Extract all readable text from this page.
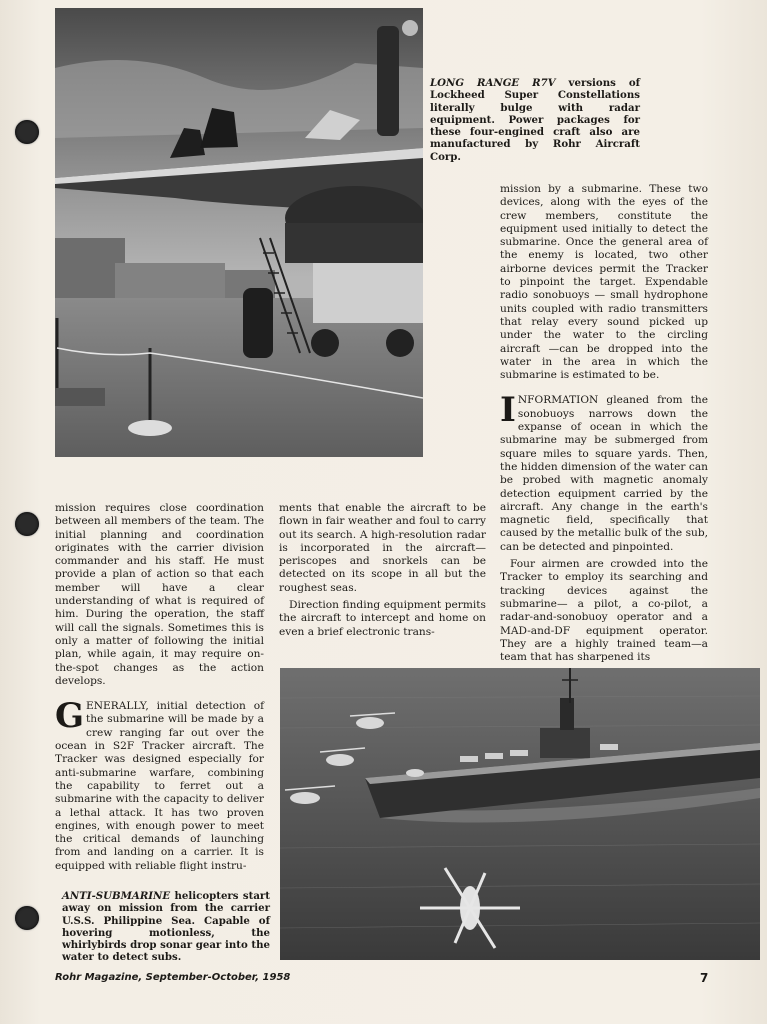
LONG RANGE R7V versions of Lockheed Super Constellations literally bulge with radar equipment. Power packages for these four-engined craft also are manufactured by Rohr Aircraft Corp.

mission by a submarine. These two devices, along with the eyes of the crew members, constitute the equipment used initially to detect the submarine. Once the general area of the enemy is located, two other airborne devices permit the Tracker to pinpoint the target. Expendable radio sonobuoys — small hydrophone units coupled with radio transmitters that relay every sound picked up under the water to the circling aircraft —can be dropped into the water in the area in which the submarine is estimated to be.

INFORMATION gleaned from the sonobuoys narrows down the expanse of ocean in which the submarine may be submerged from square miles to square yards. Then, the hidden dimension of the water can be probed with magnetic anomaly detection equipment carried by the aircraft. Any change in the earth's magnetic field, specifically that caused by the metallic bulk of the sub, can be detected and pinpointed.

Four airmen are crowded into the Tracker to employ its searching and tracking devices against the submarine— a pilot, a co-pilot, a radar-and-sonobuoy operator and a MAD-and-DF equipment operator. They are a highly trained team—a team that has sharpened its

mission requires close coordination between all members of the team. The initial planning and coordination originates with the carrier division commander and his staff. He must provide a plan of action so that each member will have a clear understanding of what is required of him. During the operation, the staff will call the signals. Sometimes this is only a matter of following the initial plan, while again, it may require on-the-spot changes as the action develops.

GENERALLY, initial detection of the submarine will be made by a crew ranging far out over the ocean in S2F Tracker aircraft. The Tracker was designed especially for anti-submarine warfare, combining the capability to ferret out a submarine with the capacity to deliver a lethal attack. It has two proven engines, with enough power to meet the critical demands of launching from and landing on a carrier. It is equipped with reliable flight instru-

ments that enable the aircraft to be flown in fair weather and foul to carry out its search. A high-resolution radar is incorporated in the aircraft—periscopes and snorkels can be detected on its scope in all but the roughest seas.

Direction finding equipment permits the aircraft to intercept and home on even a brief electronic trans-

ANTI-SUBMARINE helicopters start away on mission from the carrier U.S.S. Philippine Sea. Capable of hovering motionless, the whirlybirds drop sonar gear into the water to detect subs.
Rohr Magazine, September-October, 1958	7
